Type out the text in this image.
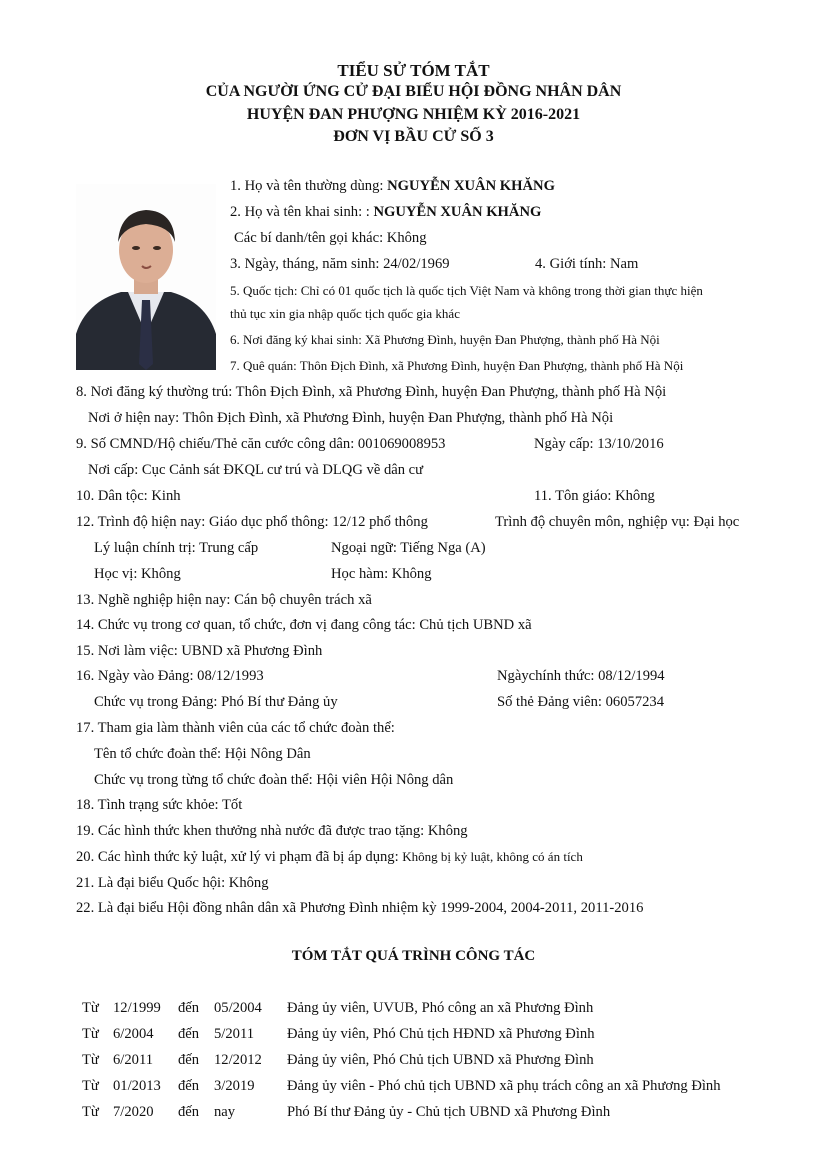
TIỂU SỬ TÓM TẮT
CỦA NGƯỜI ỨNG CỬ ĐẠI BIỂU HỘI ĐỒNG NHÂN DÂN
HUYỆN ĐAN PHƯỢNG NHIỆM KỲ 2016-2021
ĐƠN VỊ BẦU CỬ SỐ 3
1. Họ và tên thường dùng: NGUYỄN XUÂN KHĂNG
2. Họ và tên khai sinh: : NGUYỄN XUÂN KHĂNG
Các bí danh/tên gọi khác: Không
3. Ngày, tháng, năm sinh: 24/02/1969	4. Giới tính: Nam
5. Quốc tịch: Chỉ có 01 quốc tịch là quốc tịch Việt Nam và không trong thời gian thực hiện
thủ tục xin gia nhập quốc tịch quốc gia khác
6. Nơi đăng ký khai sinh: Xã Phương Đình, huyện Đan Phượng, thành phố Hà Nội
7. Quê quán: Thôn Địch Đình, xã Phương Đình, huyện Đan Phượng, thành phố Hà Nội
8. Nơi đăng ký thường trú: Thôn Địch Đình, xã Phương Đình, huyện Đan Phượng, thành phố Hà Nội
Nơi ở hiện nay: Thôn Địch Đình, xã Phương Đình, huyện Đan Phượng, thành phố Hà Nội
9. Số CMND/Hộ chiếu/Thẻ căn cước công dân: 001069008953	Ngày cấp: 13/10/2016
Nơi cấp: Cục Cảnh sát ĐKQL cư trú và DLQG về dân cư
10. Dân tộc: Kinh	11. Tôn giáo: Không
12. Trình độ hiện nay: Giáo dục phổ thông: 12/12 phổ thông	Trình độ chuyên môn, nghiệp vụ: Đại học
Lý luận chính trị: Trung cấp	Ngoại ngữ: Tiếng Nga (A)
Học vị: Không	Học hàm: Không
13. Nghề nghiệp hiện nay: Cán bộ chuyên trách xã
14. Chức vụ trong cơ quan, tổ chức, đơn vị đang công tác: Chủ tịch UBND xã
15. Nơi làm việc: UBND xã Phương Đình
16. Ngày vào Đảng: 08/12/1993	Ngàychính thức: 08/12/1994
Chức vụ trong Đảng: Phó Bí thư Đảng ủy	Số thẻ Đảng viên: 06057234
17. Tham gia làm thành viên của các tổ chức đoàn thể:
Tên tổ chức đoàn thể: Hội Nông Dân
Chức vụ trong từng tổ chức đoàn thể: Hội viên Hội Nông dân
18. Tình trạng sức khỏe: Tốt
19. Các hình thức khen thưởng nhà nước đã được trao tặng: Không
20. Các hình thức kỷ luật, xử lý vi phạm đã bị áp dụng: Không bị kỷ luật, không có án tích
21. Là đại biểu Quốc hội: Không
22. Là đại biểu Hội đồng nhân dân xã Phương Đình nhiệm kỳ 1999-2004, 2004-2011, 2011-2016
TÓM TẮT QUÁ TRÌNH CÔNG TÁC
Từ 12/1999 đến 05/2004 Đảng ủy viên, UVUB, Phó công an xã Phương Đình
Từ 6/2004 đến 5/2011 Đảng ủy viên, Phó Chủ tịch HĐND xã Phương Đình
Từ 6/2011 đến 12/2012 Đảng ủy viên, Phó Chủ tịch UBND xã Phương Đình
Từ 01/2013 đến 3/2019 Đảng ủy viên - Phó chủ tịch UBND xã phụ trách công an xã Phương Đình
Từ 7/2020 đến nay	Phó Bí thư Đảng ủy - Chủ tịch UBND xã Phương Đình
